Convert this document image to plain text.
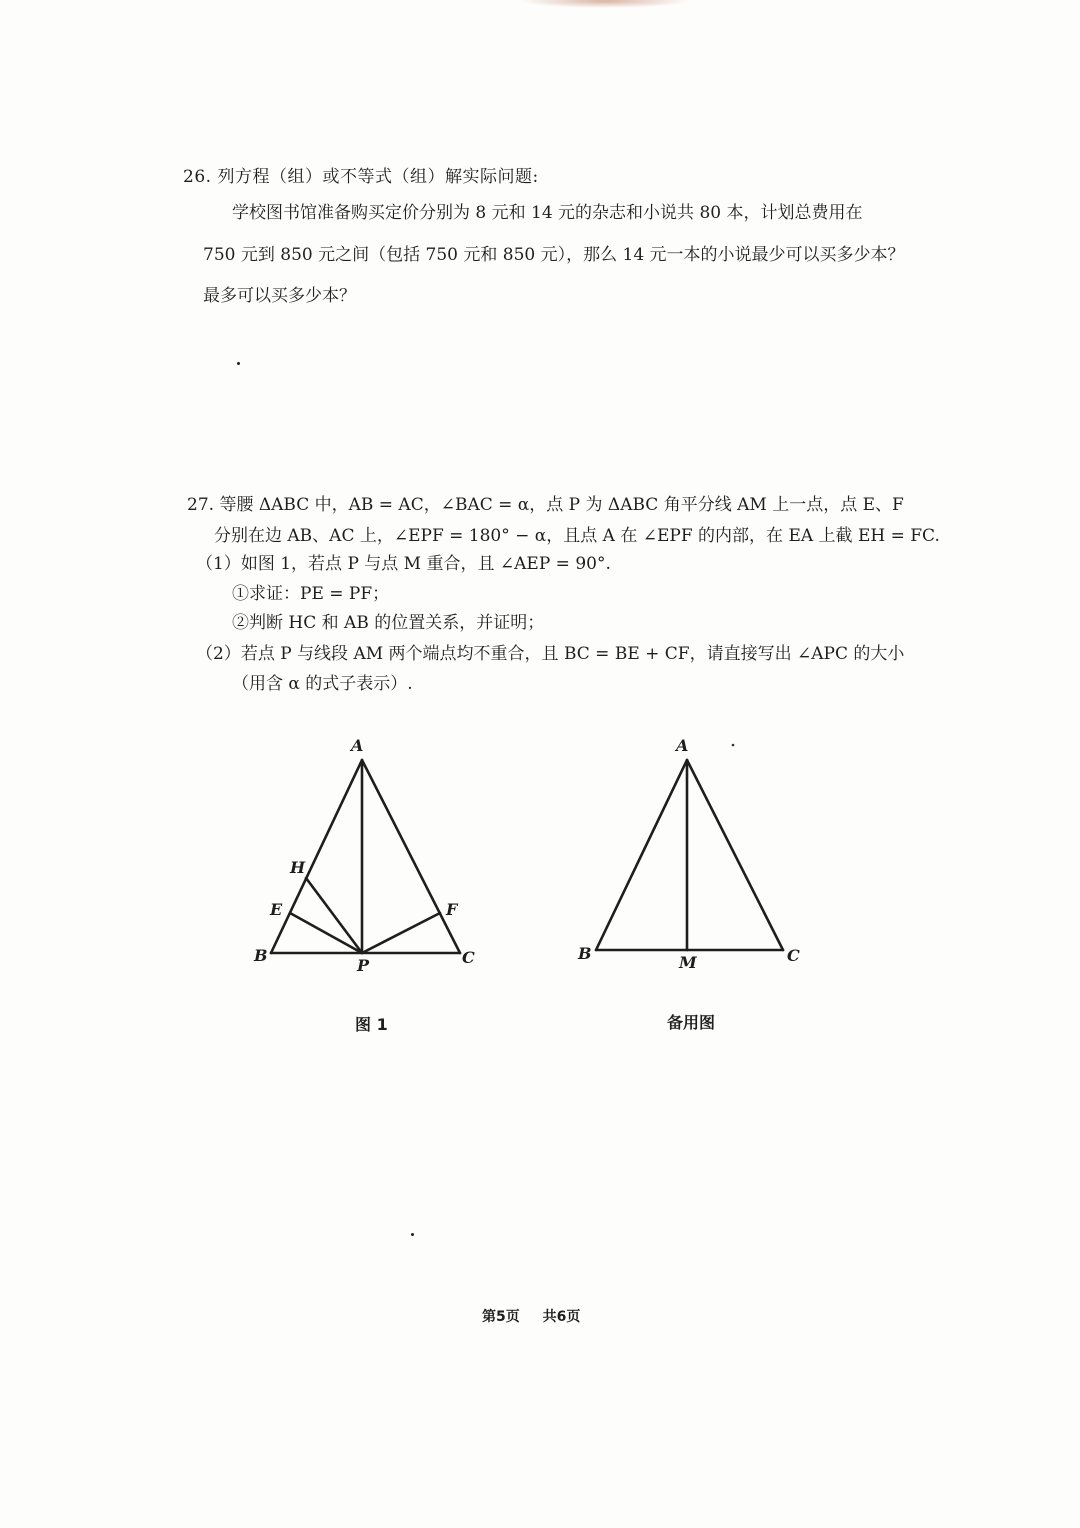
26. 列方程（组）或不等式（组）解实际问题:
学校图书馆准备购买定价分别为 8 元和 14 元的杂志和小说共 80 本，计划总费用在
750 元到 850 元之间（包括 750 元和 850 元），那么 14 元一本的小说最少可以买多少本？
最多可以买多少本？
27. 等腰 ΔABC 中，AB = AC，∠BAC = α，点 P 为 ΔABC 角平分线 AM 上一点，点 E、F
分别在边 AB、AC 上，∠EPF = 180° − α，且点 A 在 ∠EPF 的内部，在 EA 上截 EH = FC.
（1）如图 1，若点 P 与点 M 重合，且 ∠AEP = 90°.
①求证：PE = PF；
②判断 HC 和 AB 的位置关系，并证明；
（2）若点 P 与线段 AM 两个端点均不重合，且 BC = BE + CF，请直接写出 ∠APC 的大小
（用含 α 的式子表示）.
A
H
E	F
B
P	C
A
B	M	C
图 1	备用图
第5页 共6页
